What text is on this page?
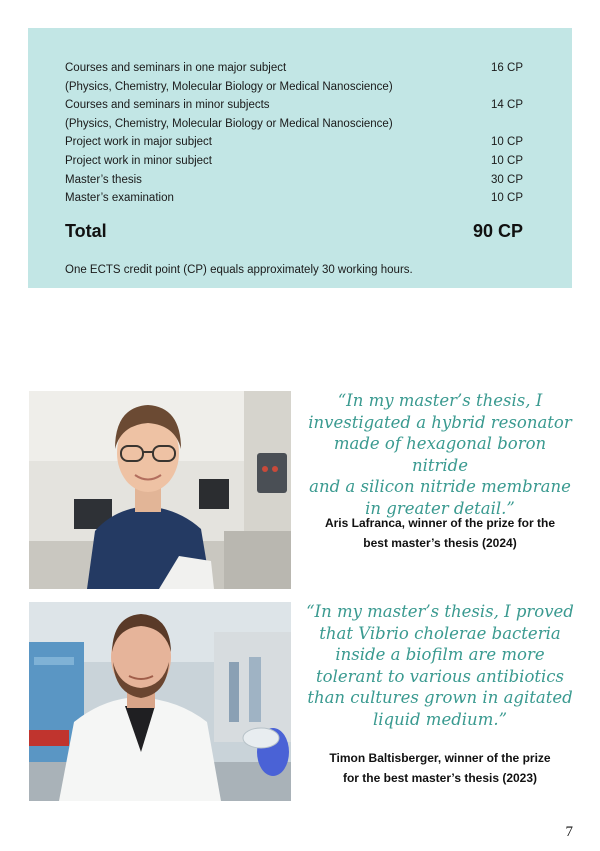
Courses and seminars in one major subject	16 CP
(Physics, Chemistry, Molecular Biology or Medical Nanoscience)
Courses and seminars in minor subjects	14 CP
(Physics, Chemistry, Molecular Biology or Medical Nanoscience)
Project work in major subject	10 CP
Project work in minor subject	10 CP
Master’s thesis	30 CP
Master’s examination	10 CP
Total	90 CP
One ECTS credit point (CP) equals approximately 30 working hours.
“In my master’s thesis, I
investigated a hybrid resonator
made of hexagonal boron nitride
and a silicon nitride membrane
in greater detail.”
Aris Lafranca, winner of the prize for the
best master’s thesis (2024)
“In my master’s thesis, I proved
that Vibrio cholerae bacteria
inside a biofilm are more
tolerant to various antibiotics
than cultures grown in agitated
liquid medium.”
Timon Baltisberger, winner of the prize
for the best master’s thesis (2023)
7
